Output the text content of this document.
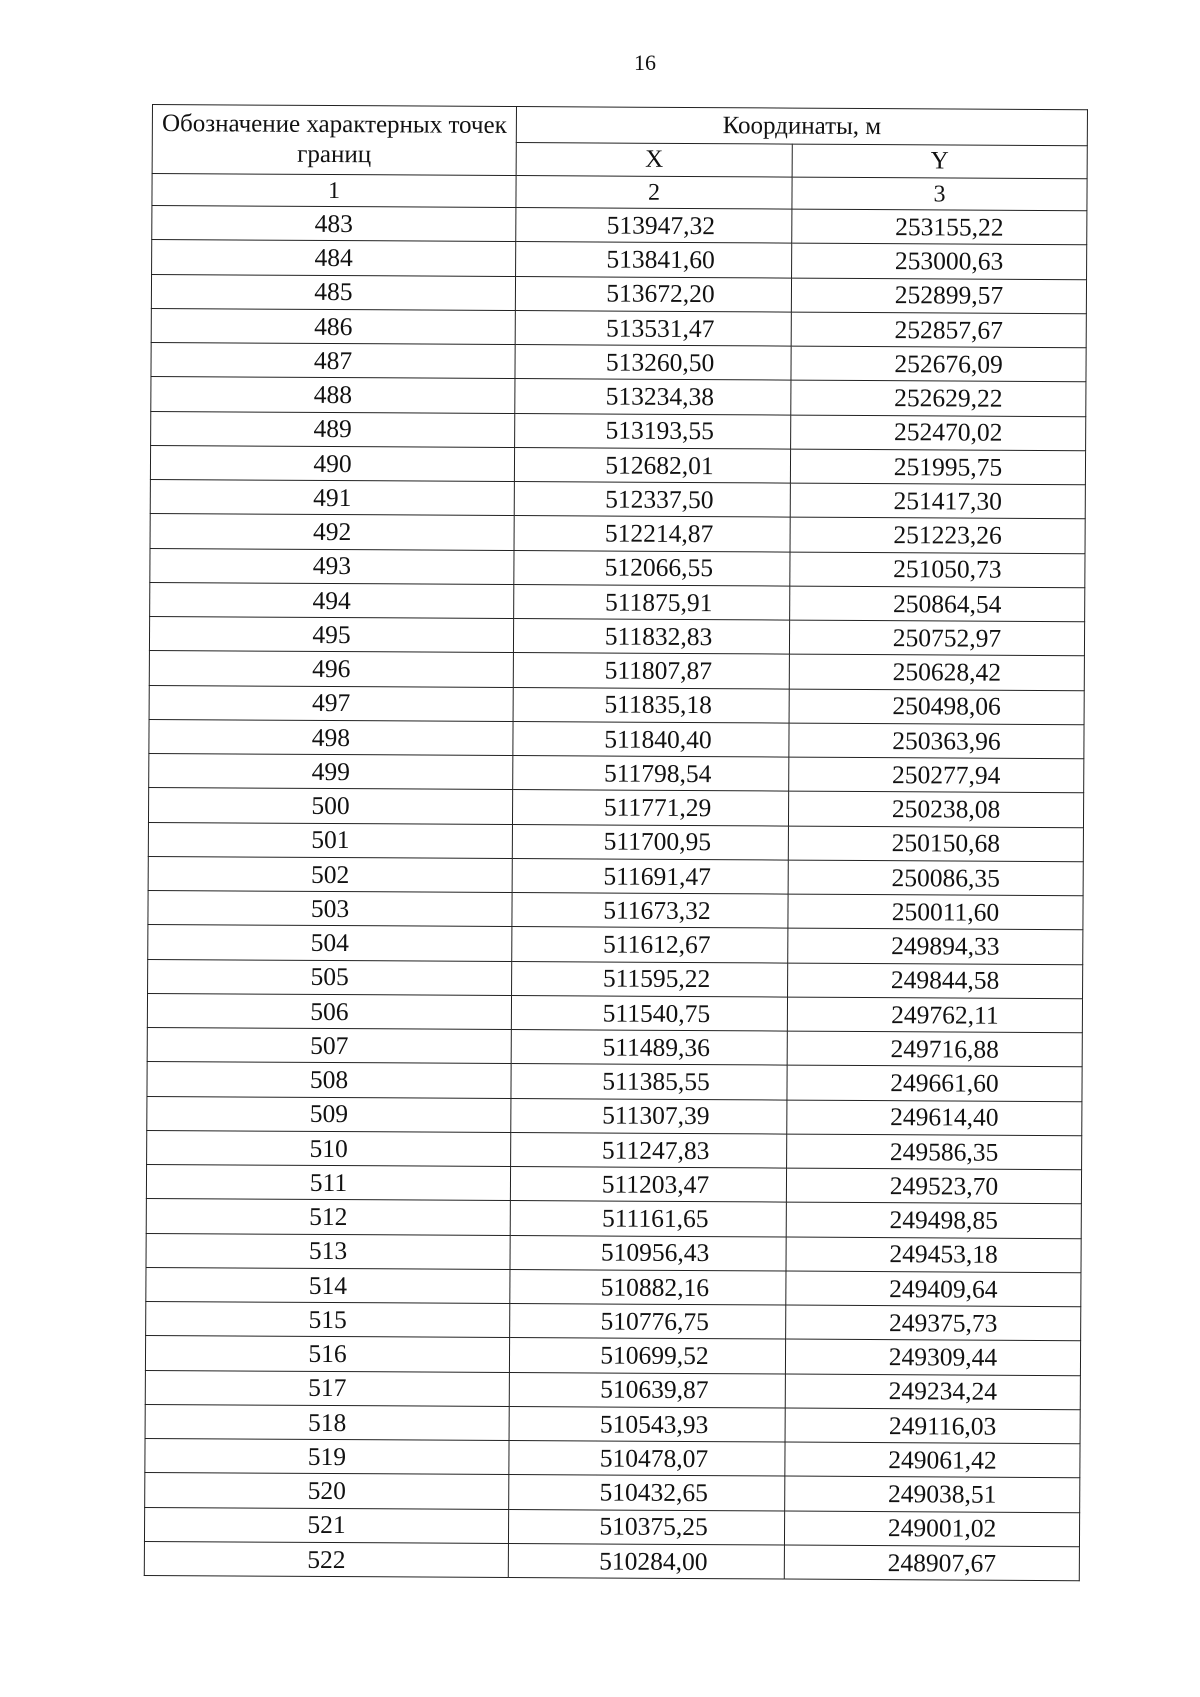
16
Обозначение характерных точек границ	Координаты, м	
	X	Y
1	2	3
483	513947,32	253155,22
484	513841,60	253000,63
485	513672,20	252899,57
486	513531,47	252857,67
487	513260,50	252676,09
488	513234,38	252629,22
489	513193,55	252470,02
490	512682,01	251995,75
491	512337,50	251417,30
492	512214,87	251223,26
493	512066,55	251050,73
494	511875,91	250864,54
495	511832,83	250752,97
496	511807,87	250628,42
497	511835,18	250498,06
498	511840,40	250363,96
499	511798,54	250277,94
500	511771,29	250238,08
501	511700,95	250150,68
502	511691,47	250086,35
503	511673,32	250011,60
504	511612,67	249894,33
505	511595,22	249844,58
506	511540,75	249762,11
507	511489,36	249716,88
508	511385,55	249661,60
509	511307,39	249614,40
510	511247,83	249586,35
511	511203,47	249523,70
512	511161,65	249498,85
513	510956,43	249453,18
514	510882,16	249409,64
515	510776,75	249375,73
516	510699,52	249309,44
517	510639,87	249234,24
518	510543,93	249116,03
519	510478,07	249061,42
520	510432,65	249038,51
521	510375,25	249001,02
522	510284,00	248907,67
